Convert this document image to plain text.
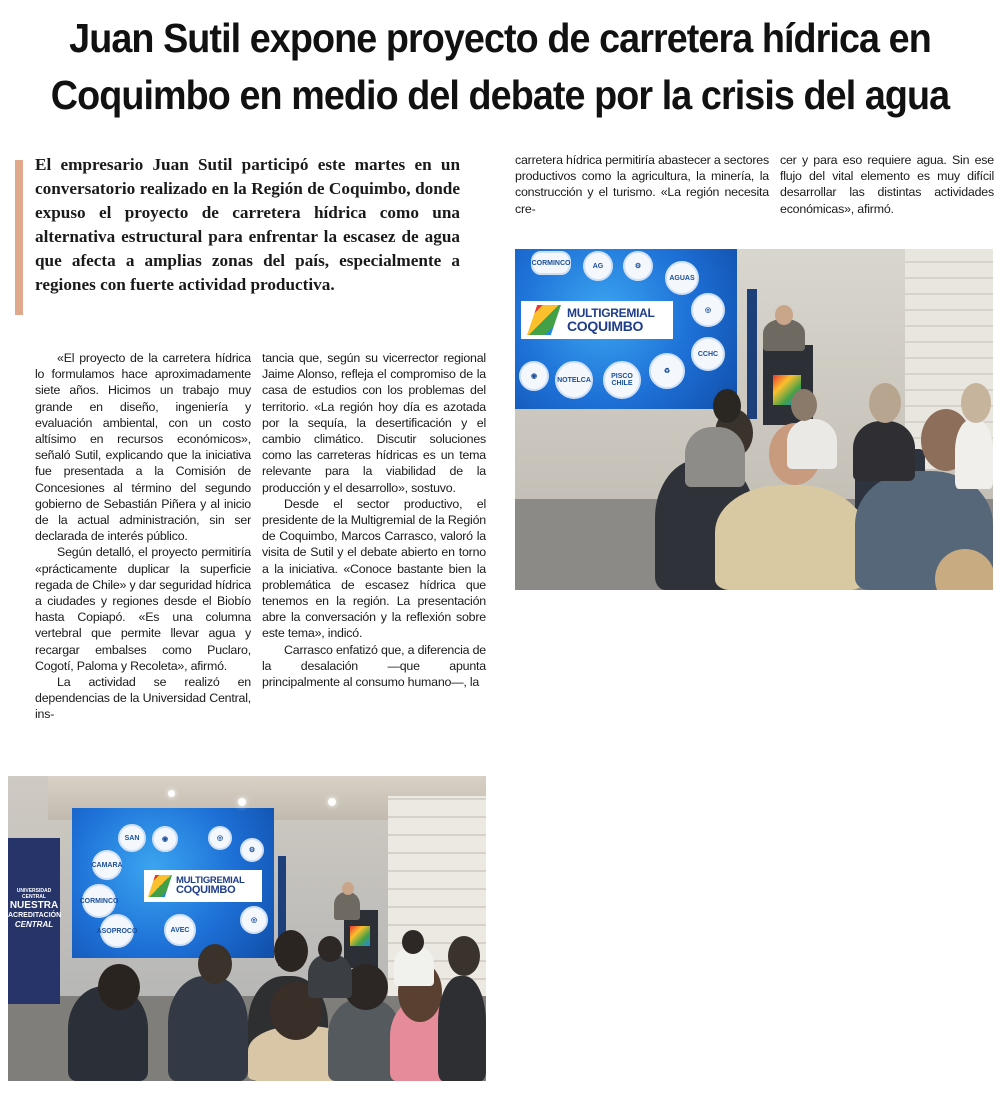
Juan Sutil expone proyecto de carretera hídrica en
Coquimbo en medio del debate por la crisis del agua
El empresario Juan Sutil participó este martes en un conversatorio realizado en la Región de Coquimbo, donde expuso el proyecto de carretera hídrica como una alternativa estructural para enfrentar la escasez de agua que afecta a amplias zonas del país, especialmente a regiones con fuerte actividad productiva.

«El proyecto de la carretera hídrica lo formulamos hace aproximadamente siete años. Hicimos un trabajo muy grande en diseño, ingeniería y evaluación ambiental, con un costo altísimo en recursos económicos», señaló Sutil, explicando que la iniciativa fue presentada a la Comisión de Concesiones al término del segundo gobierno de Sebastián Piñera y al inicio de la actual administración, sin ser declarada de interés público.

Según detalló, el proyecto permitiría «prácticamente duplicar la superficie regada de Chile» y dar seguridad hídrica a ciudades y regiones desde el Biobío hasta Copiapó. «Es una columna vertebral que permite llevar agua y recargar embalses como Puclaro, Cogotí, Paloma y Recoleta», afirmó.

La actividad se realizó en dependencias de la Universidad Central, ins-

tancia que, según su vicerrector regional Jaime Alonso, refleja el compromiso de la casa de estudios con los problemas del territorio. «La región hoy día es azotada por la sequía, la desertificación y el cambio climático. Discutir soluciones como las carreteras hídricas es un tema relevante para la viabilidad de la producción y el desarrollo», sostuvo.

Desde el sector productivo, el presidente de la Multigremial de la Región de Coquimbo, Marcos Carrasco, valoró la visita de Sutil y el debate abierto en torno a la iniciativa. «Conoce bastante bien la problemática de escasez hídrica que tenemos en la región. La presentación abre la conversación y la reflexión sobre este tema», indicó.

Carrasco enfatizó que, a diferencia de la desalación —que apunta principalmente al consumo humano—, la

carretera hídrica permitiría abastecer a sectores productivos como la agricultura, la minería, la construcción y el turismo. «La región necesita cre-

cer y para eso requiere agua. Sin ese flujo del vital elemento es muy difícil desarrollar las distintas actividades económicas», afirmó.

MULTIGREMIAL
COQUIMBO
CORMINCO	AG	⚙
AGUAS
◎
CCHC
◉	NOTELCA	PISCO CHILE
♻
MULTIGREMIAL
COQUIMBO
SAN	◉
CAMARA
◎
⚙
CORMINCO
ASOPROCO	AVEC
◎
UNIVERSIDAD CENTRAL
NUESTRA
ACREDITACIÓN
CENTRAL
